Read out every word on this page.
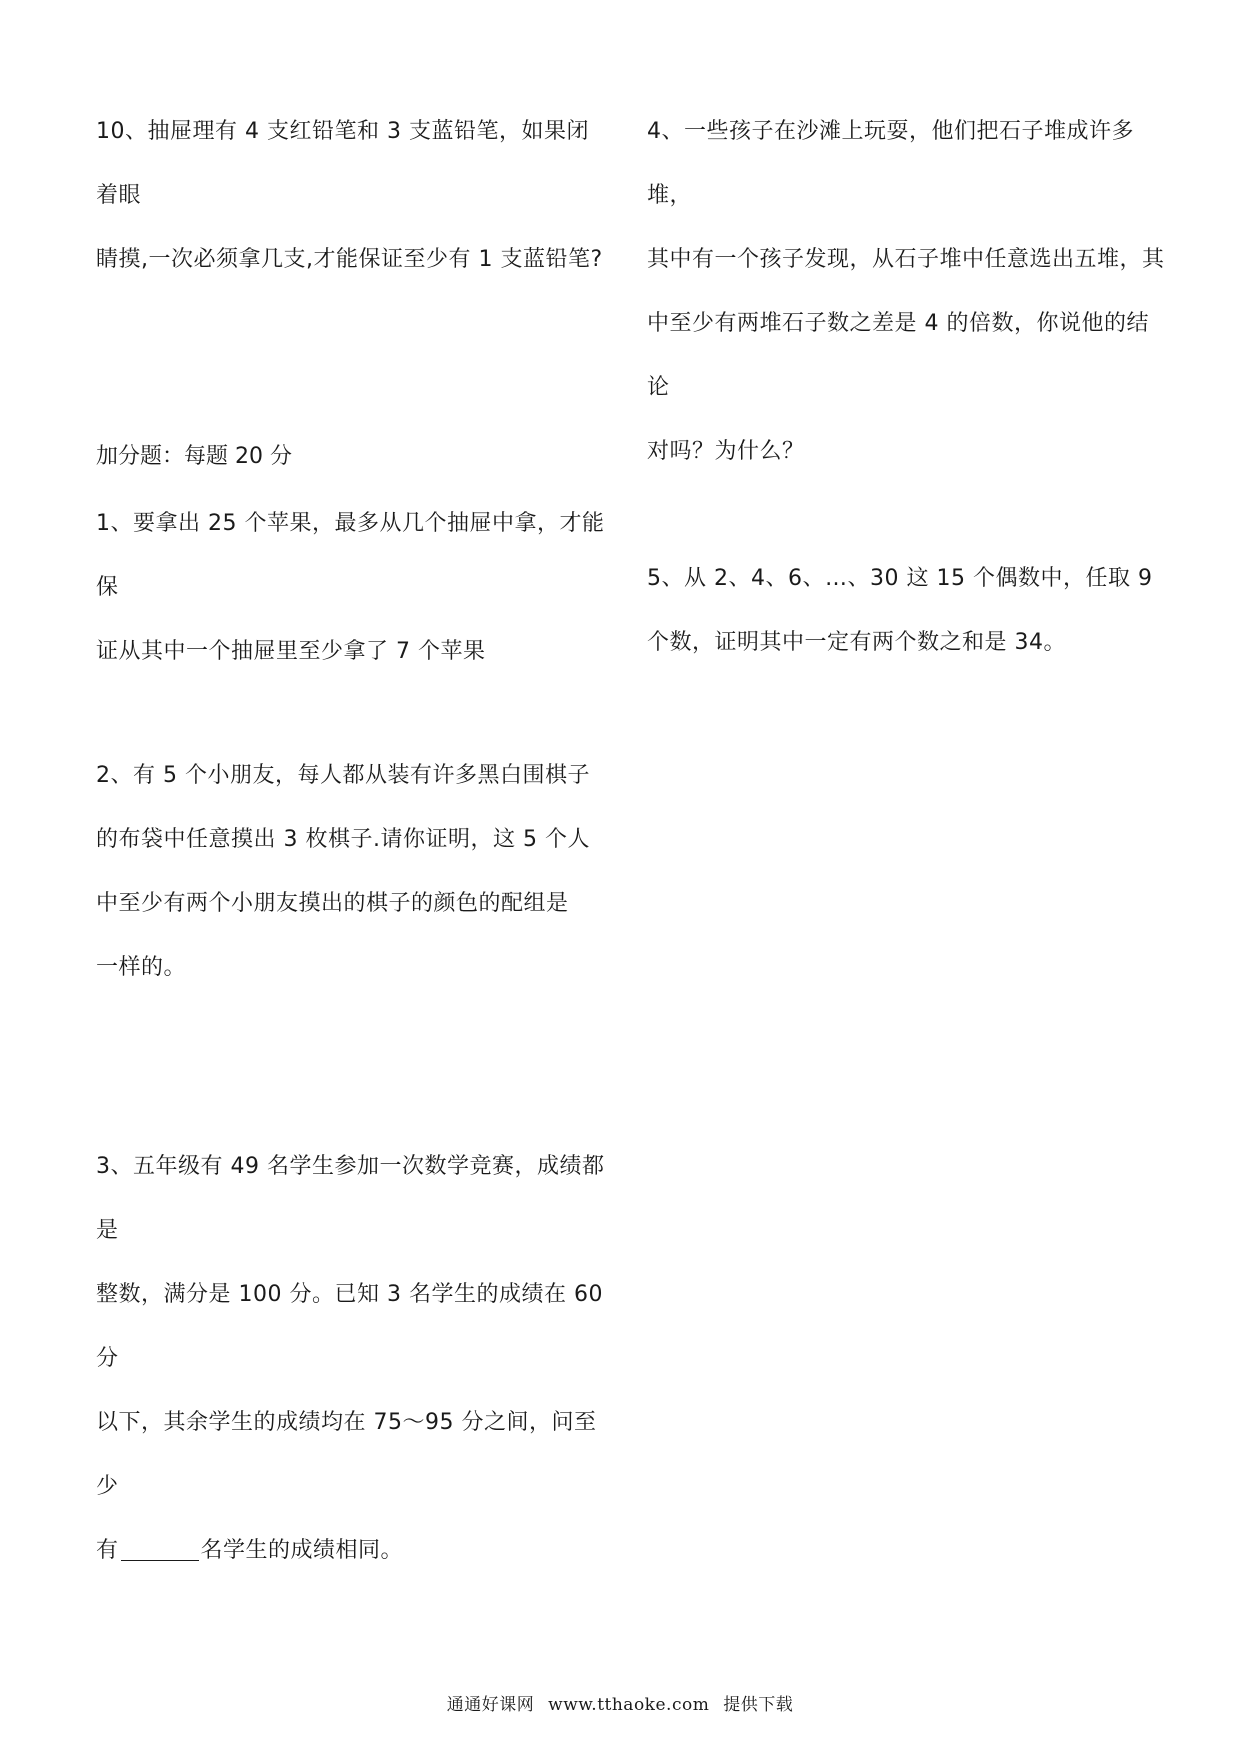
10、抽屉理有 4 支红铅笔和 3 支蓝铅笔，如果闭着眼

睛摸,一次必须拿几支,才能保证至少有 1 支蓝铅笔?

4、一些孩子在沙滩上玩耍，他们把石子堆成许多堆，

其中有一个孩子发现，从石子堆中任意选出五堆，其

中至少有两堆石子数之差是 4 的倍数，你说他的结论

对吗？为什么？

加分题：每题 20 分

1、要拿出 25 个苹果，最多从几个抽屉中拿，才能保

证从其中一个抽屉里至少拿了 7 个苹果

5、从 2、4、6、…、30 这 15 个偶数中，任取 9

个数，证明其中一定有两个数之和是 34。

2、有 5 个小朋友，每人都从装有许多黑白围棋子

的布袋中任意摸出 3 枚棋子.请你证明，这 5 个人

中至少有两个小朋友摸出的棋子的颜色的配组是

一样的。

3、五年级有 49 名学生参加一次数学竞赛，成绩都是

整数，满分是 100 分。已知 3 名学生的成绩在 60 分

以下，其余学生的成绩均在 75～95 分之间，问至少

有	名学生的成绩相同。

通通好课网 www.tthaoke.com 提供下载
